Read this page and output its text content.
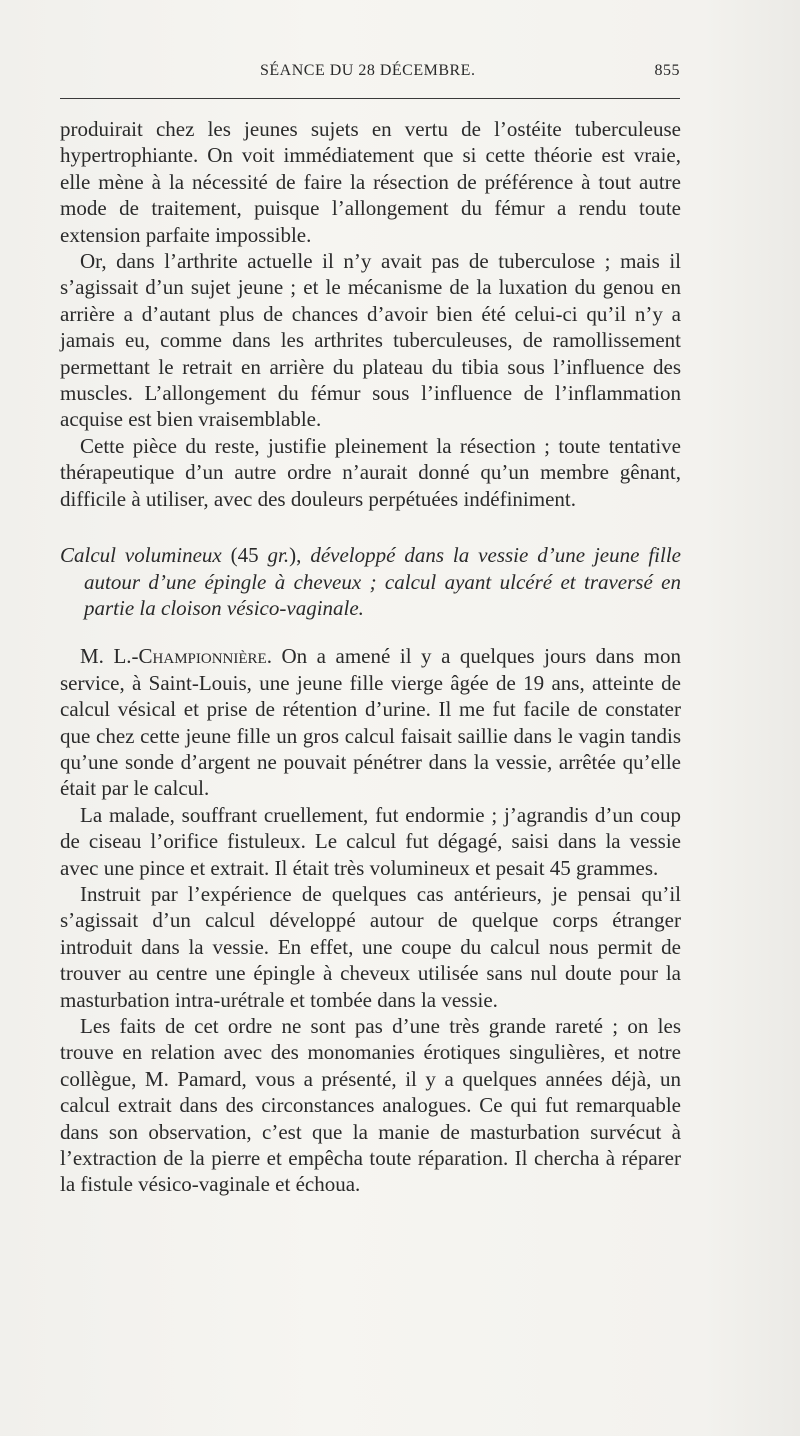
SÉANCE DU 28 DÉCEMBRE.	855

produirait chez les jeunes sujets en vertu de l’ostéite tuberculeuse hypertrophiante. On voit immédiatement que si cette théorie est vraie, elle mène à la nécessité de faire la résection de préférence à tout autre mode de traitement, puisque l’allongement du fémur a rendu toute extension parfaite impossible.

Or, dans l’arthrite actuelle il n’y avait pas de tuberculose ; mais il s’agissait d’un sujet jeune ; et le mécanisme de la luxation du genou en arrière a d’autant plus de chances d’avoir bien été celui-ci qu’il n’y a jamais eu, comme dans les arthrites tuberculeuses, de ramollissement permettant le retrait en arrière du plateau du tibia sous l’influence des muscles. L’allongement du fémur sous l’influence de l’inflammation acquise est bien vraisemblable.

Cette pièce du reste, justifie pleinement la résection ; toute tentative thérapeutique d’un autre ordre n’aurait donné qu’un membre gênant, difficile à utiliser, avec des douleurs perpétuées indéfiniment.

Calcul volumineux (45 gr.), développé dans la vessie d’une jeune fille autour d’une épingle à cheveux ; calcul ayant ulcéré et traversé en partie la cloison vésico-vaginale.

M. L.-Championnière. On a amené il y a quelques jours dans mon service, à Saint-Louis, une jeune fille vierge âgée de 19 ans, atteinte de calcul vésical et prise de rétention d’urine. Il me fut facile de constater que chez cette jeune fille un gros calcul faisait saillie dans le vagin tandis qu’une sonde d’argent ne pouvait pénétrer dans la vessie, arrêtée qu’elle était par le calcul.

La malade, souffrant cruellement, fut endormie ; j’agrandis d’un coup de ciseau l’orifice fistuleux. Le calcul fut dégagé, saisi dans la vessie avec une pince et extrait. Il était très volumineux et pesait 45 grammes.

Instruit par l’expérience de quelques cas antérieurs, je pensai qu’il s’agissait d’un calcul développé autour de quelque corps étranger introduit dans la vessie. En effet, une coupe du calcul nous permit de trouver au centre une épingle à cheveux utilisée sans nul doute pour la masturbation intra-urétrale et tombée dans la vessie.

Les faits de cet ordre ne sont pas d’une très grande rareté ; on les trouve en relation avec des monomanies érotiques singulières, et notre collègue, M. Pamard, vous a présenté, il y a quelques années déjà, un calcul extrait dans des circonstances analogues. Ce qui fut remarquable dans son observation, c’est que la manie de masturbation survécut à l’extraction de la pierre et empêcha toute réparation. Il chercha à réparer la fistule vésico-vaginale et échoua.
